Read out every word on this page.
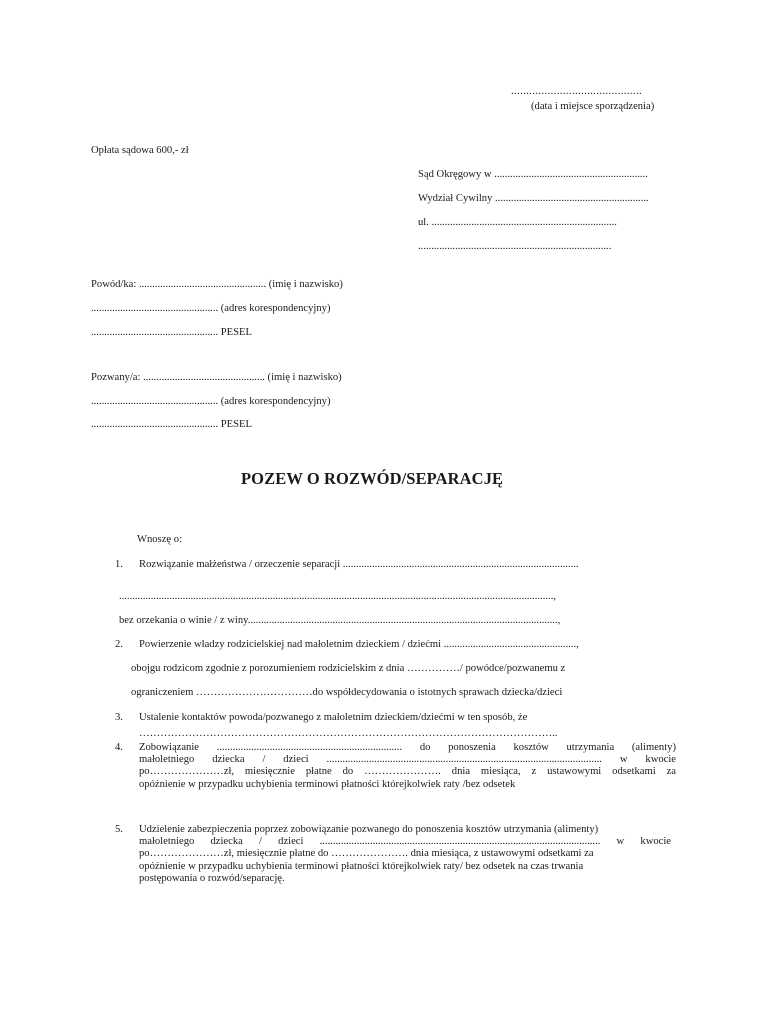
...........................................
(data i miejsce sporządzenia)
Opłata sądowa 600,- zł
Sąd Okręgowy w ..........................................................
Wydział Cywilny ..........................................................
ul. ......................................................................
.........................................................................
Powód/ka: ................................................ (imię i nazwisko)
................................................ (adres korespondencyjny)
................................................ PESEL
Pozwany/a: .............................................. (imię i nazwisko)
................................................ (adres korespondencyjny)
................................................ PESEL
POZEW O ROZWÓD/SEPARACJĘ
Wnoszę o:
1. Rozwiązanie małżeństwa / orzeczenie separacji .........................................................................................
....................................................................................................................................................................,
bez orzekania o winie / z winy.....................................................................................................................,
2. Powierzenie władzy rodzicielskiej nad małoletnim dzieckiem / dziećmi ..................................................,
obojgu rodzicom zgodnie z porozumieniem rodzicielskim z dnia ……………/ powódce/pozwanemu z
ograniczeniem ……………………………do współdecydowania o istotnych sprawach dziecka/dzieci
3. Ustalenie kontaktów powoda/pozwanego z małoletnim dzieckiem/dziećmi w ten sposób, że
………………………………………………………………………………………………………..
4. Zobowiązanie ...................................................................... do ponoszenia kosztów utrzymania (alimenty)
małoletniego dziecka / dzieci ........................................................................................................ w kwocie
po…………………zł, miesięcznie płatne do …………………. dnia miesiąca, z ustawowymi odsetkami za
opóźnienie w przypadku uchybienia terminowi płatności którejkolwiek raty /bez odsetek
5. Udzielenie zabezpieczenia poprzez zobowiązanie pozwanego do ponoszenia kosztów utrzymania (alimenty)
małoletniego dziecka / dzieci .......................................................................................................... w kwocie
po…………………zł, miesięcznie płatne do …………………. dnia miesiąca, z ustawowymi odsetkami za
opóźnienie w przypadku uchybienia terminowi płatności którejkolwiek raty/ bez odsetek na czas trwania
postępowania o rozwód/separację.
